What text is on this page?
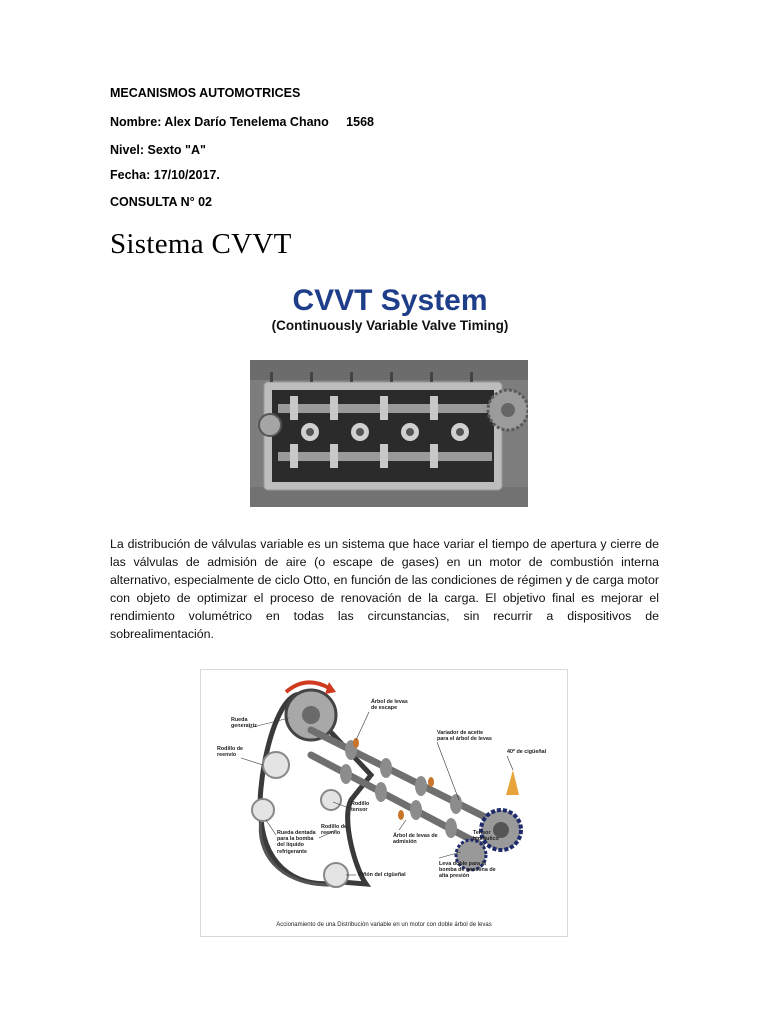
MECANISMOS AUTOMOTRICES
Nombre: Alex Darío Tenelema Chano     1568
Nivel: Sexto "A"
Fecha: 17/10/2017.
CONSULTA N° 02
Sistema CVVT
CVVT System
(Continuously Variable Valve Timing)
La distribución de válvulas variable es un sistema que hace variar el tiempo de apertura y cierre de las válvulas de admisión de aire (o escape de gases) en un motor de combustión interna alternativo, especialmente de ciclo Otto, en función de las condiciones de régimen y de carga motor con objeto de optimizar el proceso de renovación de la carga. El objetivo final es mejorar el rendimiento volumétrico en todas las circunstancias, sin recurrir a dispositivos de sobrealimentación.
Árbol de levas
de escape
Rueda
generatriz
Variador de aceite
para el árbol de levas
40º de cigüeñal
Rodillo de
reenvío
Rodillo
tensor
Rodillo de
reenvío
Rueda dentada
para la bomba
del líquido
refrigerante
Árbol de levas de
admisión
Tensor
hidráulico
Leva doble para la
bomba de gasolina de
alta presión
Piñón del cigüeñal
Accionamiento de una Distribución variable en un motor con doble árbol de levas
